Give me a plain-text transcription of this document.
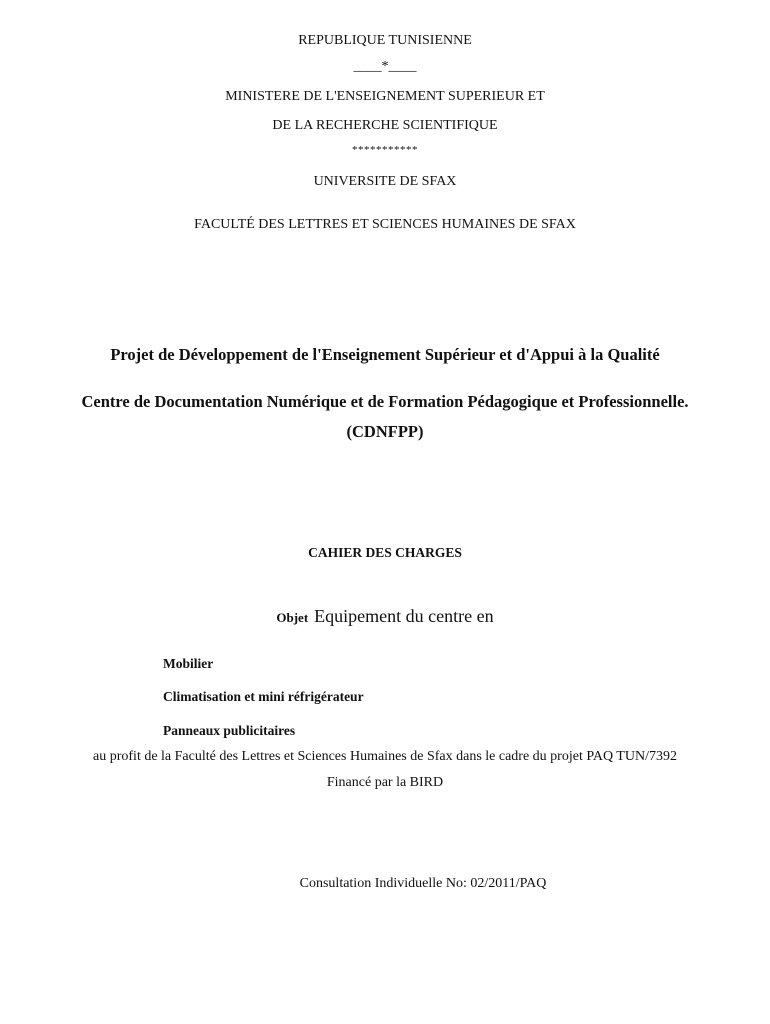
REPUBLIQUE TUNISIENNE
____*____
MINISTERE DE L'ENSEIGNEMENT SUPERIEUR ET
DE LA RECHERCHE SCIENTIFIQUE
***********
UNIVERSITE DE SFAX
FACULTÉ DES LETTRES ET SCIENCES HUMAINES DE SFAX
Projet de Développement de l'Enseignement Supérieur et d'Appui à la Qualité
Centre de Documentation Numérique et de Formation Pédagogique et Professionnelle.
(CDNFPP)
CAHIER DES CHARGES
Objet Equipement du centre en
Mobilier
Climatisation et mini réfrigérateur
Panneaux publicitaires
au profit de la Faculté des Lettres et Sciences Humaines de Sfax dans le cadre du projet PAQ TUN/7392
Financé par la BIRD
Consultation Individuelle No: 02/2011/PAQ
